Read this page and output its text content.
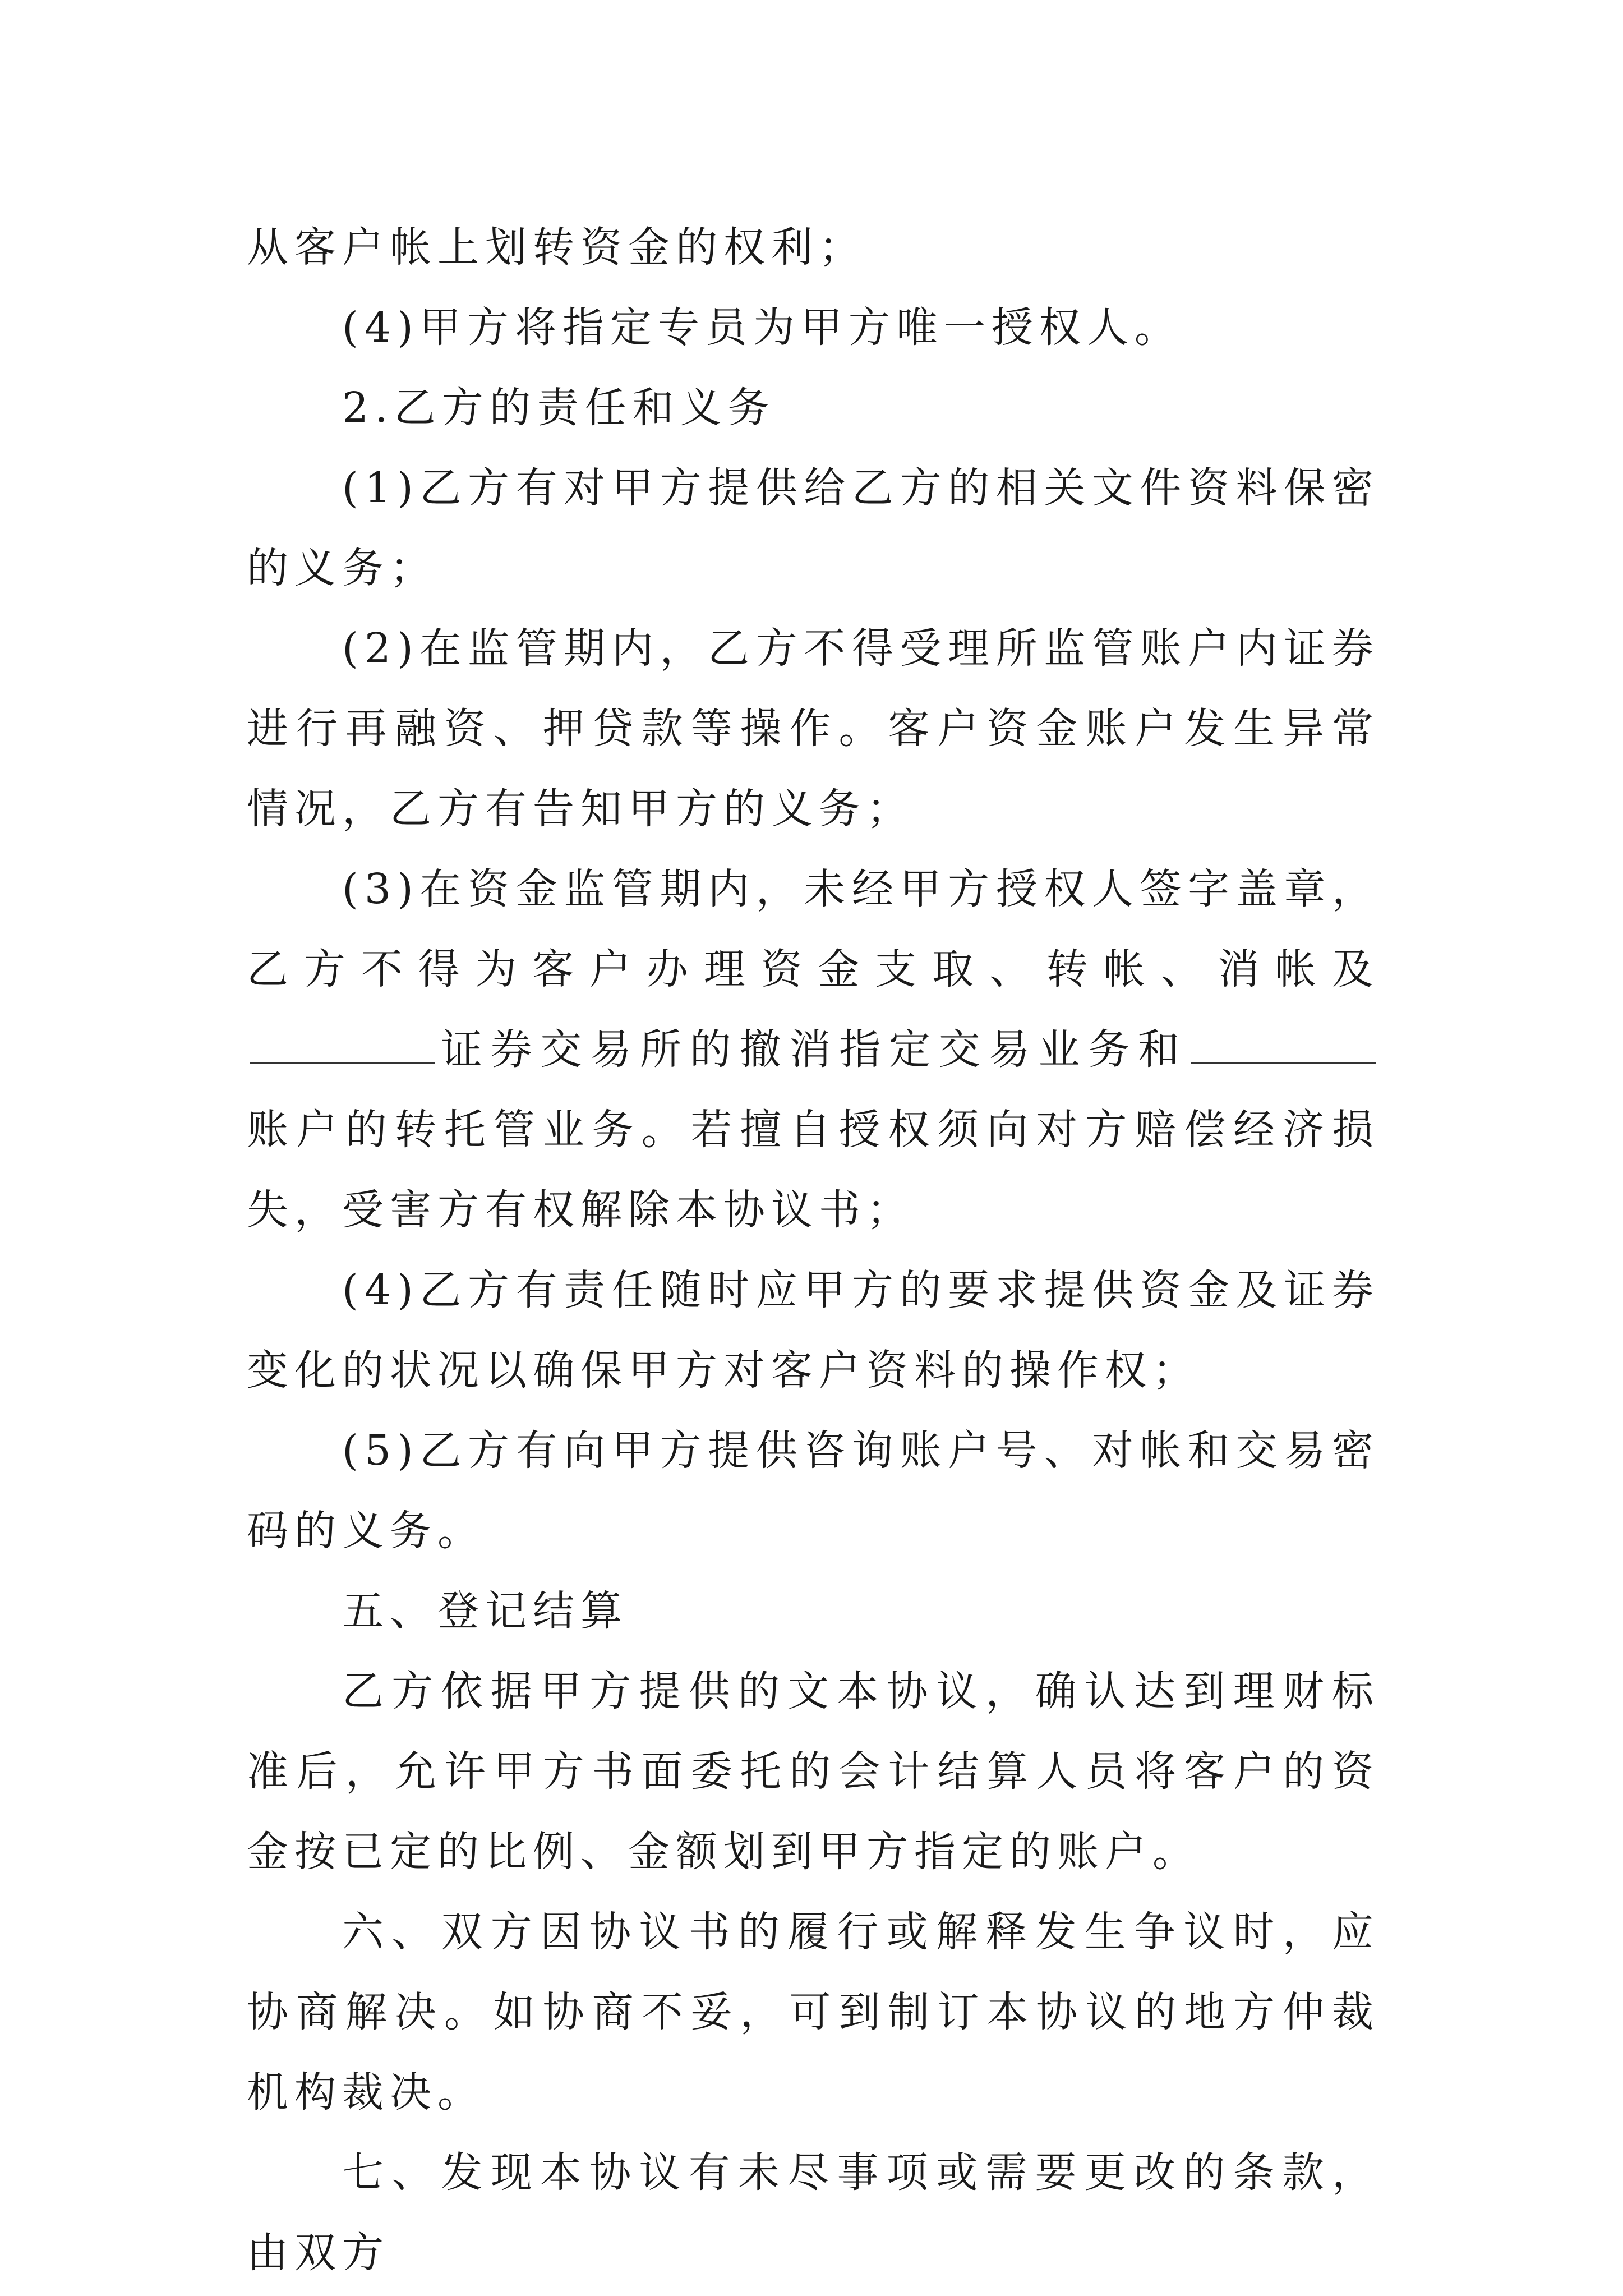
从客户帐上划转资金的权利；

(4)甲方将指定专员为甲方唯一授权人。

2.乙方的责任和义务

(1)乙方有对甲方提供给乙方的相关文件资料保密的义务；

(2)在监管期内，乙方不得受理所监管账户内证券进行再融资、押贷款等操作。客户资金账户发生异常情况，乙方有告知甲方的义务；

(3)在资金监管期内，未经甲方授权人签字盖章，乙方不得为客户办理资金支取、转帐、消帐及证券交易所的撤消指定交易业务和账户的转托管业务。若擅自授权须向对方赔偿经济损失，受害方有权解除本协议书；

(4)乙方有责任随时应甲方的要求提供资金及证券变化的状况以确保甲方对客户资料的操作权；

(5)乙方有向甲方提供咨询账户号、对帐和交易密码的义务。

五、登记结算

乙方依据甲方提供的文本协议，确认达到理财标准后，允许甲方书面委托的会计结算人员将客户的资金按已定的比例、金额划到甲方指定的账户。

六、双方因协议书的履行或解释发生争议时，应协商解决。如协商不妥，可到制订本协议的地方仲裁机构裁决。

七、发现本协议有未尽事项或需要更改的条款，由双方
